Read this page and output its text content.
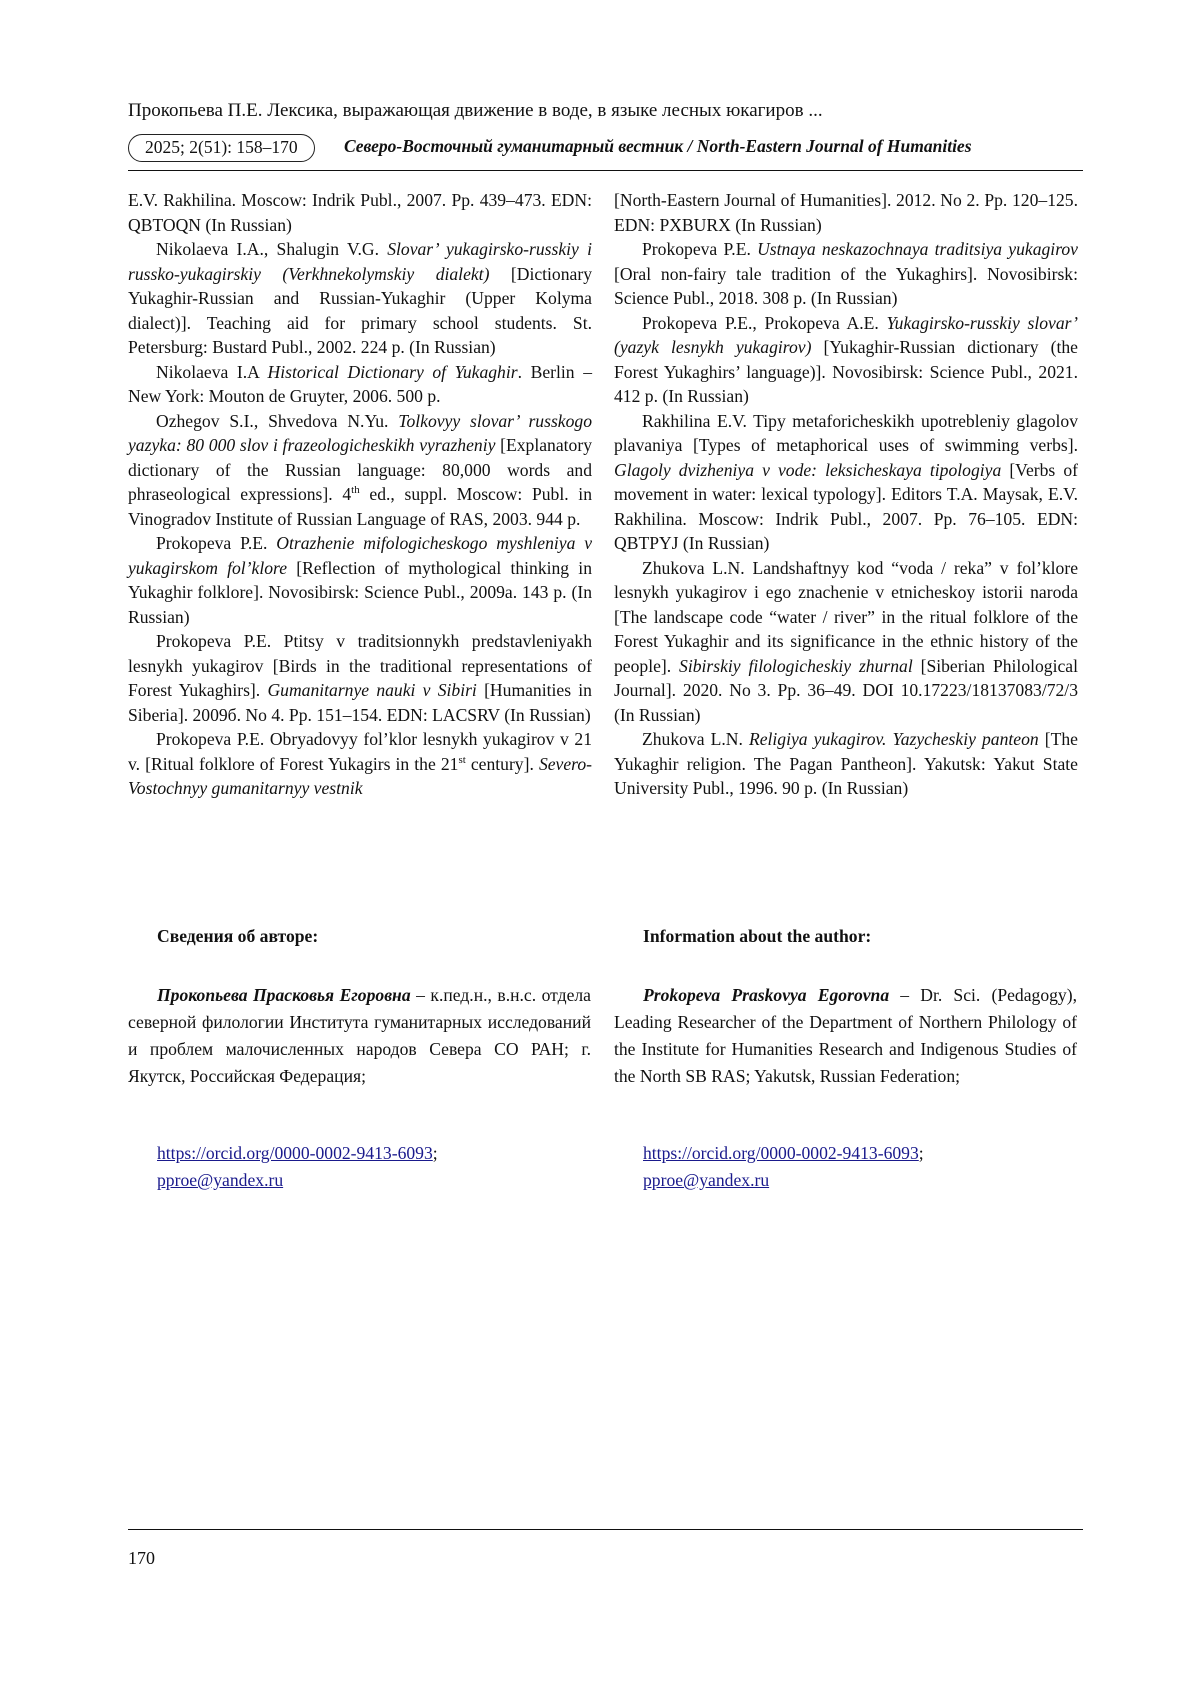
Прокопьева П.Е. Лексика, выражающая движение в воде, в языке лесных юкагиров ...
2025; 2(51): 158–170	Северо-Восточный гуманитарный вестник / North-Eastern Journal of Humanities

E.V. Rakhilina. Moscow: Indrik Publ., 2007. Pp. 439–473. EDN: QBTOQN (In Russian)

Nikolaeva I.A., Shalugin V.G. Slovar’ yukagirsko-russkiy i russko-yukagirskiy (Verkhnekolymskiy dialekt) [Dictionary Yukaghir-Russian and Russian-Yukaghir (Upper Kolyma dialect)]. Teaching aid for primary school students. St. Petersburg: Bustard Publ., 2002. 224 p. (In Russian)

Nikolaeva I.A Historical Dictionary of Yukaghir. Berlin – New York: Mouton de Gruyter, 2006. 500 p.

Ozhegov S.I., Shvedova N.Yu. Tolkovyy slovar’ russkogo yazyka: 80 000 slov i frazeologicheskikh vyrazheniy [Explanatory dictionary of the Russian language: 80,000 words and phraseological expressions]. 4th ed., suppl. Moscow: Publ. in Vinogradov Institute of Russian Language of RAS, 2003. 944 p.

Prokopeva P.E. Otrazhenie mifologicheskogo myshleniya v yukagirskom fol’klore [Reflection of mythological thinking in Yukaghir folklore]. Novosibirsk: Science Publ., 2009a. 143 p. (In Russian)

Prokopeva P.E. Ptitsy v traditsionnykh predstavleniyakh lesnykh yukagirov [Birds in the traditional representations of Forest Yukaghirs]. Gumanitarnye nauki v Sibiri [Humanities in Siberia]. 2009б. No 4. Pp. 151–154. EDN: LACSRV (In Russian)

Prokopeva P.E. Obryadovyy fol’klor lesnykh yukagirov v 21 v. [Ritual folklore of Forest Yukagirs in the 21st century]. Severo-Vostochnyy gumanitarnyy vestnik

[North-Eastern Journal of Humanities]. 2012. No 2. Pp. 120–125. EDN: PXBURX (In Russian)

Prokopeva P.E. Ustnaya neskazochnaya traditsiya yukagirov [Oral non-fairy tale tradition of the Yukaghirs]. Novosibirsk: Science Publ., 2018. 308 p. (In Russian)

Prokopeva P.E., Prokopeva A.E. Yukagirsko-russkiy slovar’ (yazyk lesnykh yukagirov) [Yukaghir-Russian dictionary (the Forest Yukaghirs’ language)]. Novosibirsk: Science Publ., 2021. 412 p. (In Russian)

Rakhilina E.V. Tipy metaforicheskikh upotrebleniy glagolov plavaniya [Types of metaphorical uses of swimming verbs]. Glagoly dvizheniya v vode: leksicheskaya tipologiya [Verbs of movement in water: lexical typology]. Editors T.A. Maysak, E.V. Rakhilina. Moscow: Indrik Publ., 2007. Pp. 76–105. EDN: QBTPYJ (In Russian)

Zhukova L.N. Landshaftnyy kod “voda / reka” v fol’klore lesnykh yukagirov i ego znachenie v etnicheskoy istorii naroda [The landscape code “water / river” in the ritual folklore of the Forest Yukaghir and its significance in the ethnic history of the people]. Sibirskiy filologicheskiy zhurnal [Siberian Philological Journal]. 2020. No 3. Pp. 36–49. DOI 10.17223/18137083/72/3 (In Russian)

Zhukova L.N. Religiya yukagirov. Yazycheskiy panteon [The Yukaghir religion. The Pagan Pantheon]. Yakutsk: Yakut State University Publ., 1996. 90 p. (In Russian)

Сведения об авторе:	Information about the author:

Прокопьева Прасковья Егоровна – к.пед.н., в.н.с. отдела северной филологии Института гуманитарных исследований и проблем малочисленных народов Севера СО РАН; г. Якутск, Российская Федерация;

Prokopeva Praskovya Egorovna – Dr. Sci. (Pedagogy), Leading Researcher of the Department of Northern Philology of the Institute for Humanities Research and Indigenous Studies of the North SB RAS; Yakutsk, Russian Federation;

https://orcid.org/0000-0002-9413-6093;
pproe@yandex.ru
https://orcid.org/0000-0002-9413-6093;
pproe@yandex.ru
170
